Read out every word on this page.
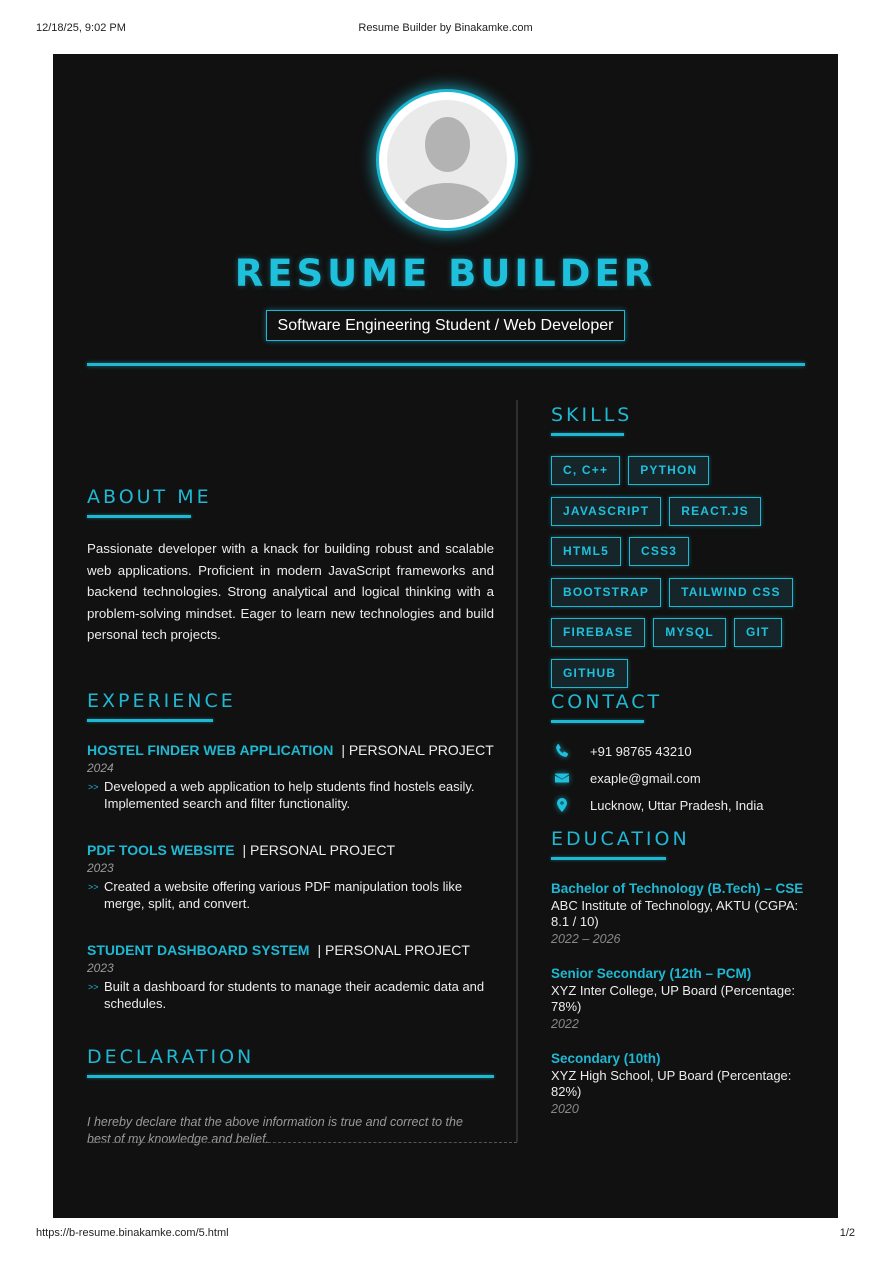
12/18/25, 9:02 PM	Resume Builder by Binakamke.com
RESUME BUILDER
Software Engineering Student / Web Developer
ABOUT ME
Passionate developer with a knack for building robust and scalable web applications. Proficient in modern JavaScript frameworks and backend technologies. Strong analytical and logical thinking with a problem-solving mindset. Eager to learn new technologies and build personal tech projects.
EXPERIENCE
HOSTEL FINDER WEB APPLICATION | PERSONAL PROJECT
2024
>> Developed a web application to help students find hostels easily. Implemented search and filter functionality.
PDF TOOLS WEBSITE | PERSONAL PROJECT
2023
>> Created a website offering various PDF manipulation tools like merge, split, and convert.
STUDENT DASHBOARD SYSTEM | PERSONAL PROJECT
2023
>> Built a dashboard for students to manage their academic data and schedules.
DECLARATION
I hereby declare that the above information is true and correct to the best of my knowledge and belief.
SKILLS
C, C++	PYTHON
JAVASCRIPT	REACT.JS
HTML5	CSS3
BOOTSTRAP	TAILWIND CSS
FIREBASE	MYSQL	GIT
GITHUB
CONTACT
+91 98765 43210
exaple@gmail.com
Lucknow, Uttar Pradesh, India
EDUCATION
Bachelor of Technology (B.Tech) – CSE
ABC Institute of Technology, AKTU (CGPA: 8.1 / 10)
2022 – 2026
Senior Secondary (12th – PCM)
XYZ Inter College, UP Board (Percentage: 78%)
2022
Secondary (10th)
XYZ High School, UP Board (Percentage: 82%)
2020
https://b-resume.binakamke.com/5.html	1/2
